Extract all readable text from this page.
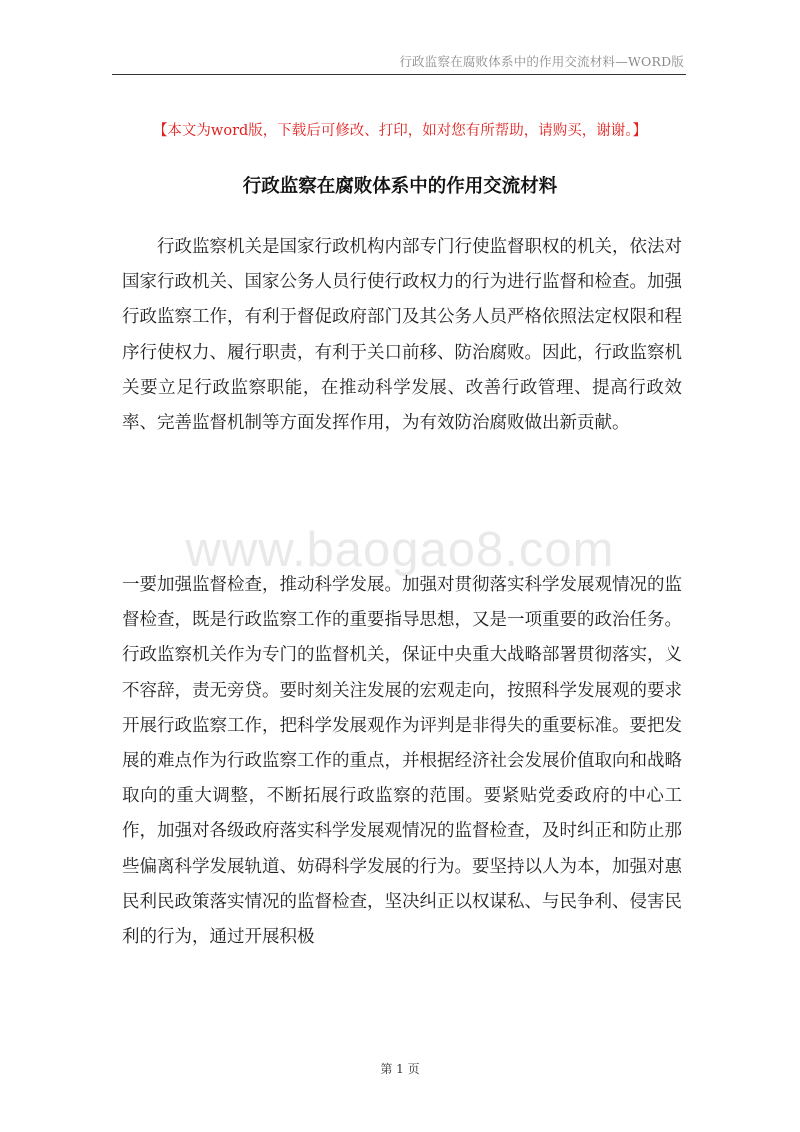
行政监察在腐败体系中的作用交流材料—WORD版
【本文为word版，下载后可修改、打印，如对您有所帮助，请购买，谢谢。】
行政监察在腐败体系中的作用交流材料
行政监察机关是国家行政机构内部专门行使监督职权的机关，依法对国家行政机关、国家公务人员行使行政权力的行为进行监督和检查。加强行政监察工作，有利于督促政府部门及其公务人员严格依照法定权限和程序行使权力、履行职责，有利于关口前移、防治腐败。因此，行政监察机关要立足行政监察职能，在推动科学发展、改善行政管理、提高行政效率、完善监督机制等方面发挥作用，为有效防治腐败做出新贡献。
www.baogao8.com
一要加强监督检查，推动科学发展。加强对贯彻落实科学发展观情况的监督检查，既是行政监察工作的重要指导思想，又是一项重要的政治任务。行政监察机关作为专门的监督机关，保证中央重大战略部署贯彻落实，义不容辞，责无旁贷。要时刻关注发展的宏观走向，按照科学发展观的要求开展行政监察工作，把科学发展观作为评判是非得失的重要标准。要把发展的难点作为行政监察工作的重点，并根据经济社会发展价值取向和战略取向的重大调整，不断拓展行政监察的范围。要紧贴党委政府的中心工作，加强对各级政府落实科学发展观情况的监督检查，及时纠正和防止那些偏离科学发展轨道、妨碍科学发展的行为。要坚持以人为本，加强对惠民利民政策落实情况的监督检查，坚决纠正以权谋私、与民争利、侵害民利的行为，通过开展积极
第 1 页
